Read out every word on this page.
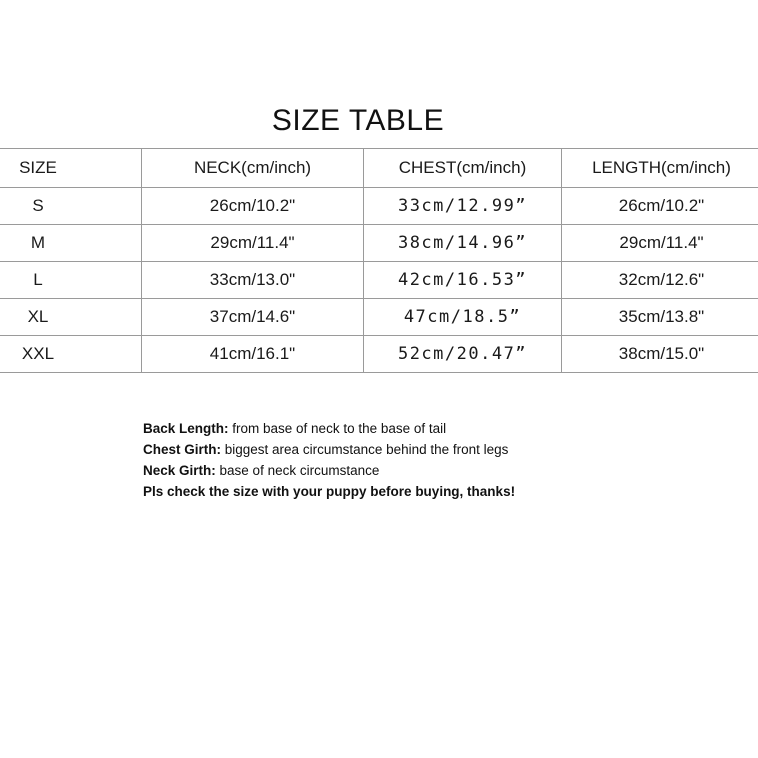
SIZE TABLE
SIZE	NECK(cm/inch)	CHEST(cm/inch)	LENGTH(cm/inch)
S	26cm/10.2"	33cm/12.99”	26cm/10.2"
M	29cm/11.4"	38cm/14.96”	29cm/11.4"
L	33cm/13.0"	42cm/16.53”	32cm/12.6"
XL	37cm/14.6"	47cm/18.5”	35cm/13.8"
XXL	41cm/16.1"	52cm/20.47”	38cm/15.0"
Back Length: from base of neck to the base of tail
Chest Girth: biggest area circumstance behind the front legs
Neck Girth: base of neck circumstance
Pls check the size with your puppy before buying, thanks!
